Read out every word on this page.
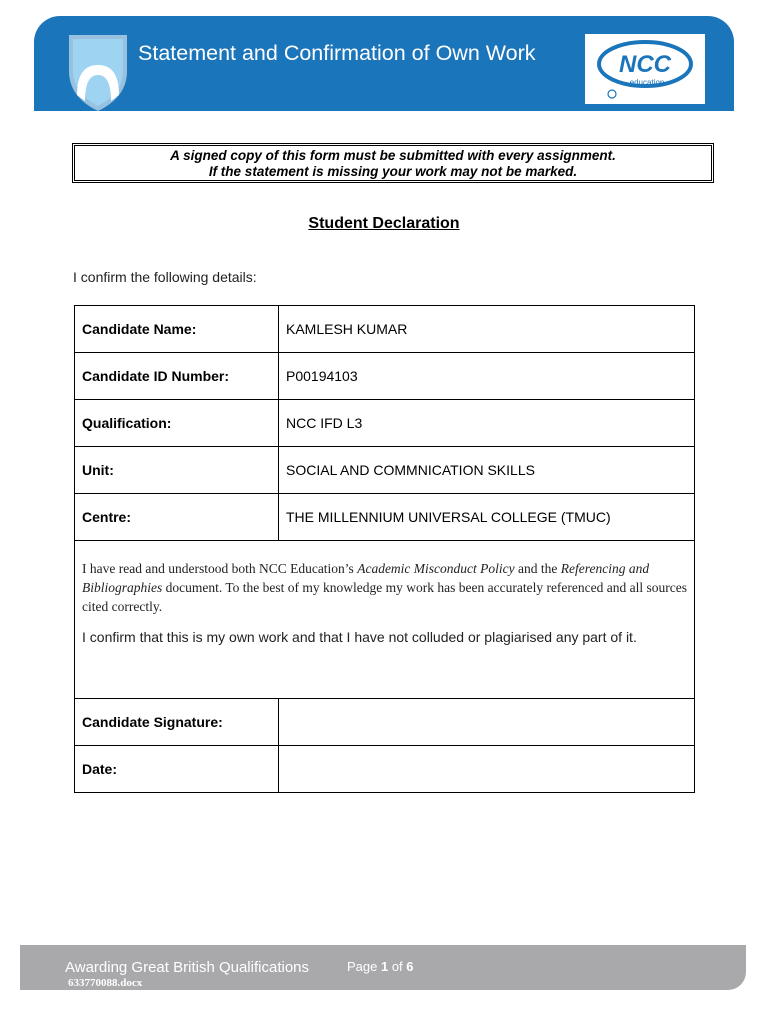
Statement and Confirmation of Own Work	NCC
education
A signed copy of this form must be submitted with every assignment.
If the statement is missing your work may not be marked.
Student Declaration
I confirm the following details:
Candidate Name:	KAMLESH KUMAR
Candidate ID Number:	P00194103
Qualification:	NCC IFD L3
Unit:	SOCIAL AND COMMNICATION SKILLS
Centre:	THE MILLENNIUM UNIVERSAL COLLEGE (TMUC)

I have read and understood both NCC Education’s Academic Misconduct Policy and the Referencing and Bibliographies document. To the best of my knowledge my work has been accurately referenced and all sources cited correctly.
I confirm that this is my own work and that I have not colluded or plagiarised any part of it.	

Candidate Signature:	
Date:	
Awarding Great British Qualifications	Page 1 of 6
633770088.docx
